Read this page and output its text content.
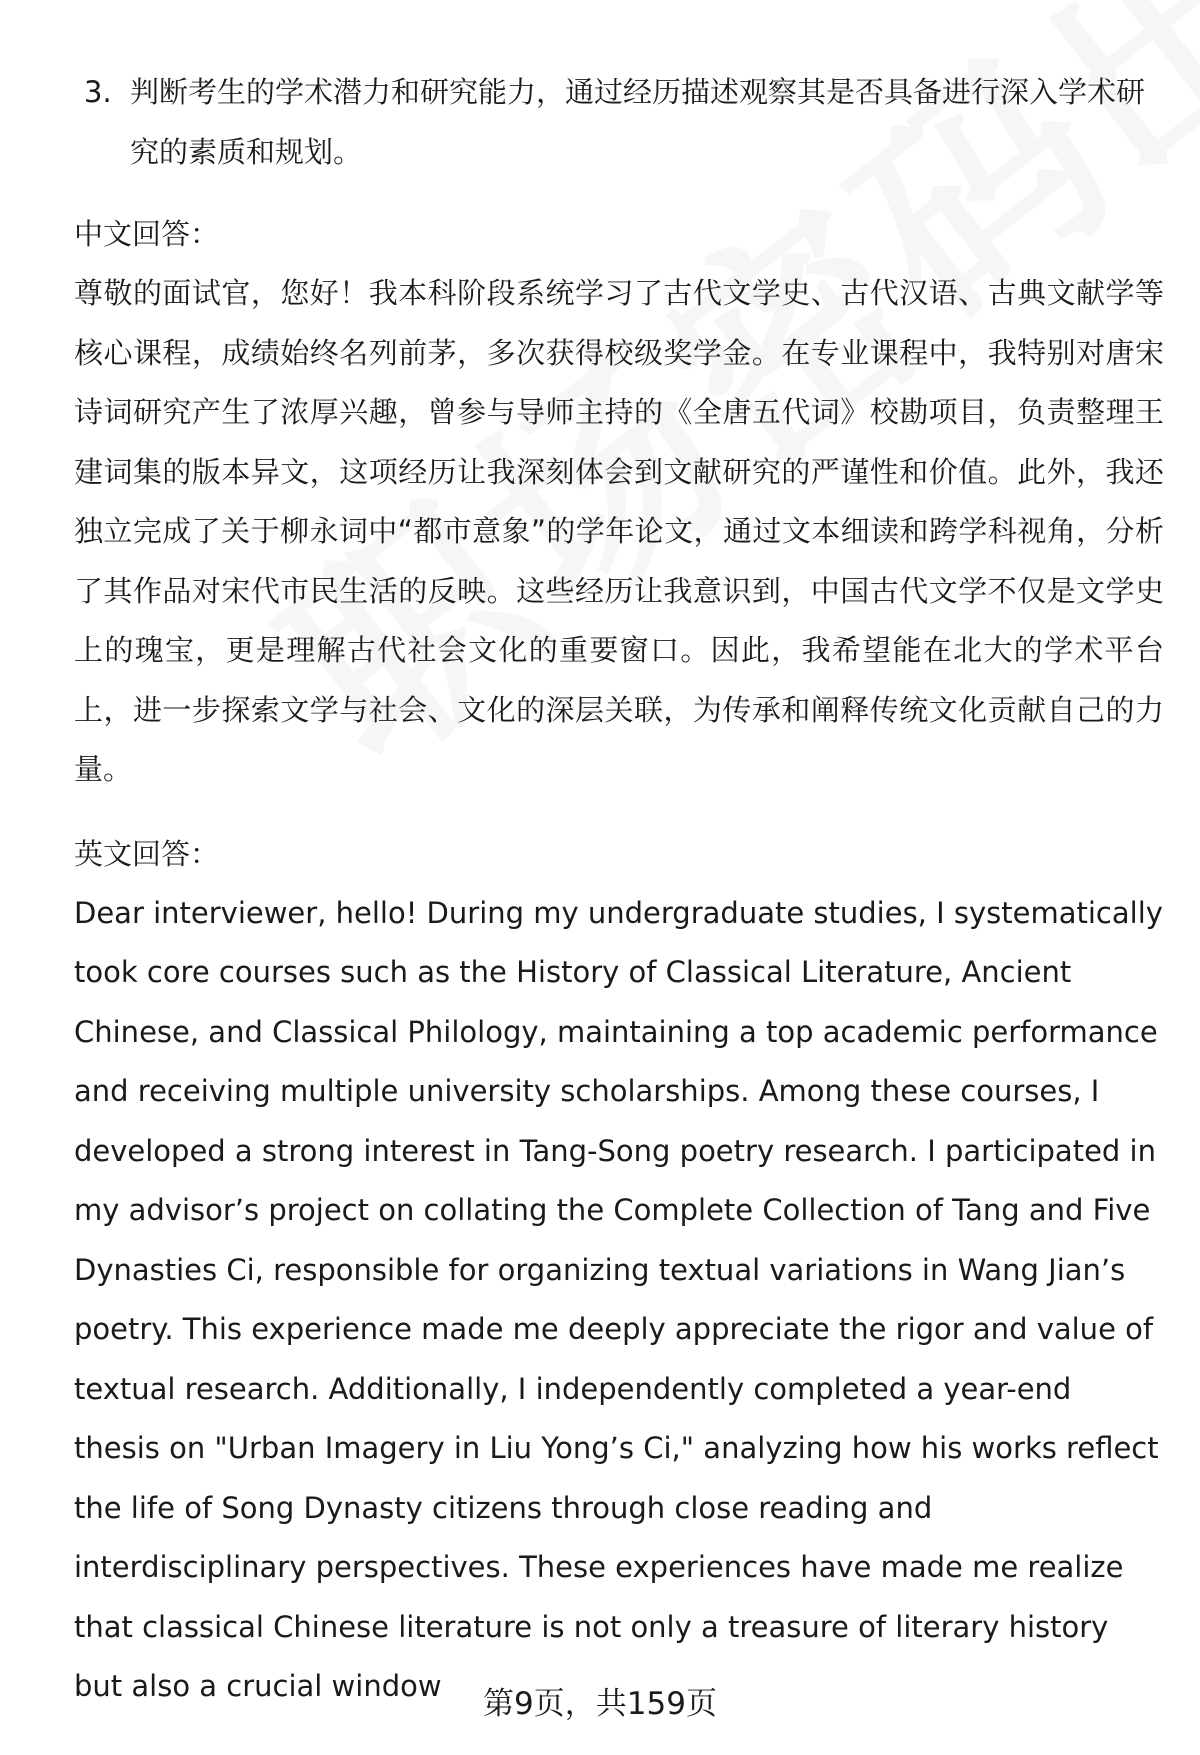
3. 判断考生的学术潜力和研究能力，通过经历描述观察其是否具备进行深入学术研究的素质和规划。

中文回答：

尊敬的面试官，您好！我本科阶段系统学习了古代文学史、古代汉语、古典文献学等核心课程，成绩始终名列前茅，多次获得校级奖学金。在专业课程中，我特别对唐宋诗词研究产生了浓厚兴趣，曾参与导师主持的《全唐五代词》校勘项目，负责整理王建词集的版本异文，这项经历让我深刻体会到文献研究的严谨性和价值。此外，我还独立完成了关于柳永词中“都市意象”的学年论文，通过文本细读和跨学科视角，分析了其作品对宋代市民生活的反映。这些经历让我意识到，中国古代文学不仅是文学史上的瑰宝，更是理解古代社会文化的重要窗口。因此，我希望能在北大的学术平台上，进一步探索文学与社会、文化的深层关联，为传承和阐释传统文化贡献自己的力量。

英文回答：

Dear interviewer, hello! During my undergraduate studies, I systematically took core courses such as the History of Classical Literature, Ancient Chinese, and Classical Philology, maintaining a top academic performance and receiving multiple university scholarships. Among these courses, I developed a strong interest in Tang-Song poetry research. I participated in my advisor’s project on collating the Complete Collection of Tang and Five Dynasties Ci, responsible for organizing textual variations in Wang Jian’s poetry. This experience made me deeply appreciate the rigor and value of textual research. Additionally, I independently completed a year-end thesis on "Urban Imagery in Liu Yong’s Ci," analyzing how his works reflect the life of Song Dynasty citizens through close reading and interdisciplinary perspectives. These experiences have made me realize that classical Chinese literature is not only a treasure of literary history but also a crucial window	第9页，共159页
